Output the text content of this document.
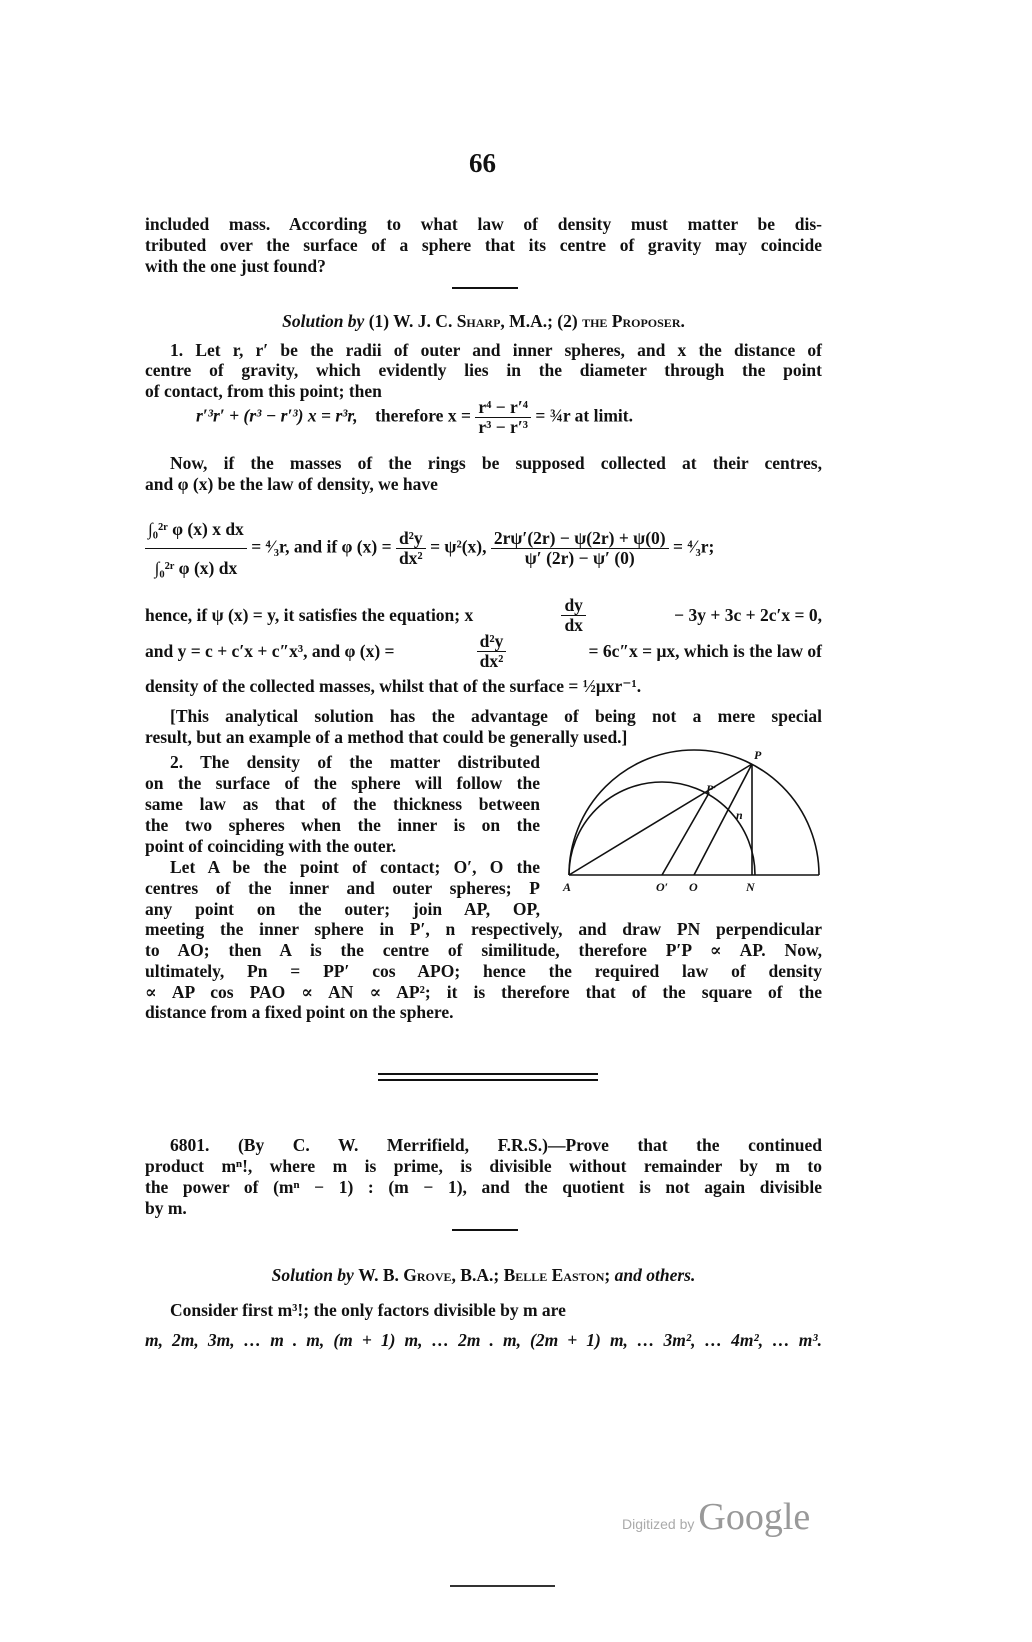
66
included mass. According to what law of density must matter be dis-
tributed over the surface of a sphere that its centre of gravity may coincide
with the one just found?
Solution by (1) W. J. C. Sharp, M.A.; (2) the Proposer.
1. Let r, r′ be the radii of outer and inner spheres, and x the distance of
centre of gravity, which evidently lies in the diameter through the point
of contact, from this point; then
r′³r′ + (r³ − r′³) x = r³r, therefore $x = \frac{\text{r⁴ − r′⁴}}{\text{r³ − r′³}}$ = ¾r at limit.
Now, if the masses of the rings be supposed collected at their centres,
and φ (x) be the law of density, we have
$\frac{\text{∫₀²ʳ φ (x) x dx}}{\text{∫₀²ʳ φ (x) dx}}$ = ⁴⁄₃r, and if φ $(x) = \frac{\text{d²y}}{\text{dx²}} = \psi^2(x)$, $\frac{2r\psi'(2r) - \psi(2r) + \psi(0)}{\psi' (2r) - \psi' (0)}$ = ⁴⁄₃r;
hence, if ψ (x) = y, it satisfies the equation; x	$\frac{dy}{dx}$	− 3y + 3c + 2c′x = 0,
and y = c + c′x + c″x³, and φ (x) =	$\frac{\text{d²y}}{\text{dx²}}$	= 6c″x = μx, which is the law of
density of the collected masses, whilst that of the surface = ½μxr⁻¹.
[This analytical solution has the advantage of being not a mere special
result, but an example of a method that could be generally used.]
2. The density of the matter distributed
on the surface of the sphere will follow the
same law as that of the thickness between
the two spheres when the inner is on the
point of coinciding with the outer.
Let A be the point of contact; O′, O the
centres of the inner and outer spheres; P
any point on the outer; join AP, OP,
meeting the inner sphere in P′, n respectively, and draw PN perpendicular
to AO; then A is the centre of similitude, therefore P′P ∝ AP. Now,
ultimately, Pn = PP′ cos APO; hence the required law of density
∝ AP cos PAO ∝ AN ∝ AP²; it is therefore that of the square of the
distance from a fixed point on the sphere.
P
P′
n
A	O′ O	N
6801. (By C. W. Merrifield, F.R.S.)—Prove that the continued
product mⁿ!, where m is prime, is divisible without remainder by m to
the power of (mⁿ − 1) : (m − 1), and the quotient is not again divisible
by m.
Solution by W. B. Grove, B.A.; Belle Easton; and others.
Consider first m³!; the only factors divisible by m are
m, 2m, 3m, … m . m, (m + 1) m, … 2m . m, (2m + 1) m, … 3m², … 4m², … m³.
Digitized by Google
